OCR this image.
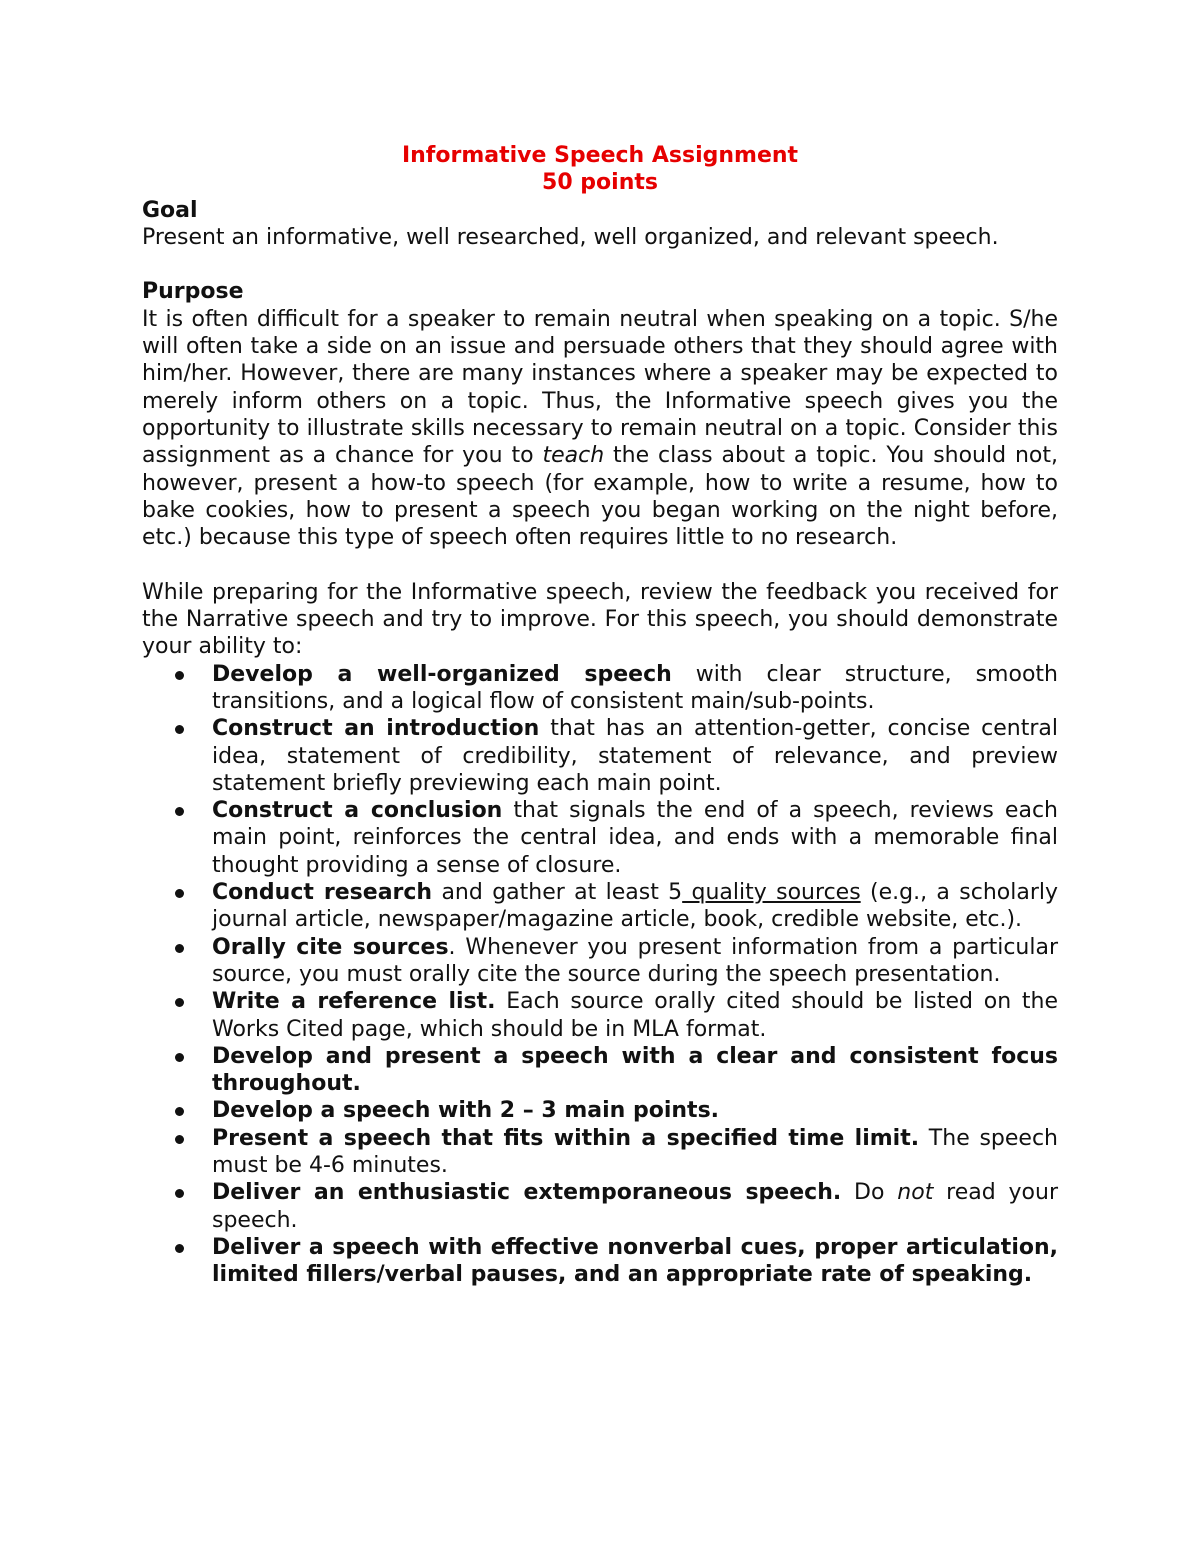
Informative Speech Assignment

50 points

Goal

Present an informative, well researched, well organized, and relevant speech.

Purpose

It is often difficult for a speaker to remain neutral when speaking on a topic. S/he will often take a side on an issue and persuade others that they should agree with him/her. However, there are many instances where a speaker may be expected to merely inform others on a topic. Thus, the Informative speech gives you the opportunity to illustrate skills necessary to remain neutral on a topic. Consider this assignment as a chance for you to teach the class about a topic. You should not, however, present a how-to speech (for example, how to write a resume, how to bake cookies, how to present a speech you began working on the night before, etc.) because this type of speech often requires little to no research.

While preparing for the Informative speech, review the feedback you received for the Narrative speech and try to improve. For this speech, you should demonstrate your ability to:

Develop a well-organized speech with clear structure, smooth transitions, and a logical flow of consistent main/sub-points.
Construct an introduction that has an attention-getter, concise central idea, statement of credibility, statement of relevance, and preview statement briefly previewing each main point.
Construct a conclusion that signals the end of a speech, reviews each main point, reinforces the central idea, and ends with a memorable final thought providing a sense of closure.
Conduct research and gather at least 5 quality sources (e.g., a scholarly journal article, newspaper/magazine article, book, credible website, etc.).
Orally cite sources. Whenever you present information from a particular source, you must orally cite the source during the speech presentation.
Write a reference list. Each source orally cited should be listed on the Works Cited page, which should be in MLA format.
Develop and present a speech with a clear and consistent focus throughout.
Develop a speech with 2 – 3 main points.
Present a speech that fits within a specified time limit. The speech must be 4-6 minutes.
Deliver an enthusiastic extemporaneous speech. Do not read your speech.
Deliver a speech with effective nonverbal cues, proper articulation, limited fillers/verbal pauses, and an appropriate rate of speaking.
